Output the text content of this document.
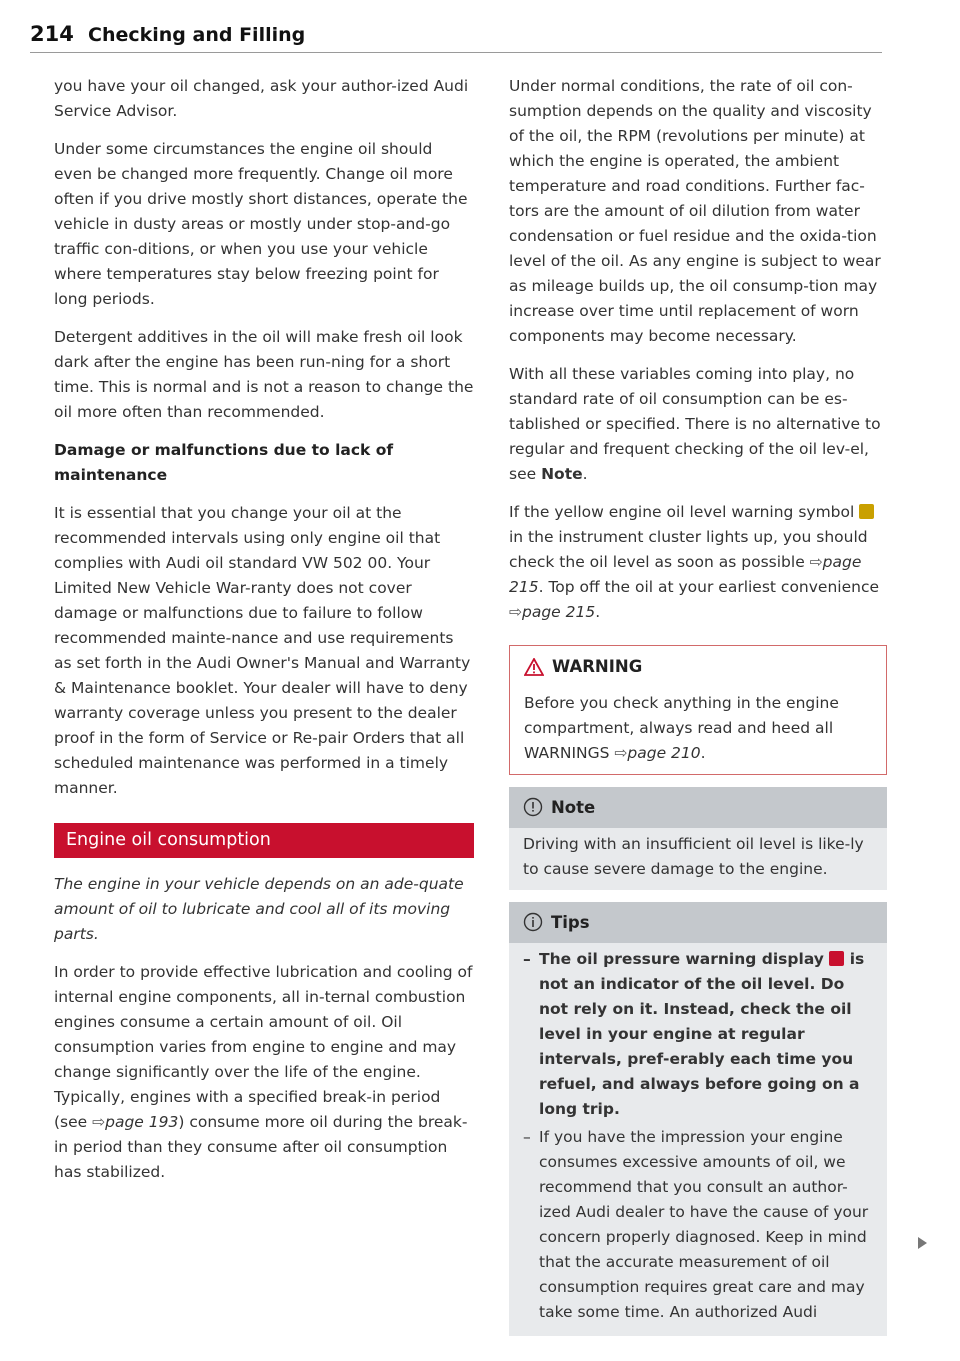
214 Checking and Filling

you have your oil changed, ask your author-ized Audi Service Advisor.

Under some circumstances the engine oil should even be changed more frequently. Change oil more often if you drive mostly short distances, operate the vehicle in dusty areas or mostly under stop-and-go traffic con-ditions, or when you use your vehicle where temperatures stay below freezing point for long periods.

Detergent additives in the oil will make fresh oil look dark after the engine has been run-ning for a short time. This is normal and is not a reason to change the oil more often than recommended.

Damage or malfunctions due to lack of maintenance

It is essential that you change your oil at the recommended intervals using only engine oil that complies with Audi oil standard VW 502 00. Your Limited New Vehicle War-ranty does not cover damage or malfunctions due to failure to follow recommended mainte-nance and use requirements as set forth in the Audi Owner's Manual and Warranty & Maintenance booklet. Your dealer will have to deny warranty coverage unless you present to the dealer proof in the form of Service or Re-pair Orders that all scheduled maintenance was performed in a timely manner.

Engine oil consumption

The engine in your vehicle depends on an ade-quate amount of oil to lubricate and cool all of its moving parts.

In order to provide effective lubrication and cooling of internal engine components, all in-ternal combustion engines consume a certain amount of oil. Oil consumption varies from engine to engine and may change significantly over the life of the engine. Typically, engines with a specified break-in period (see ⇨page 193) consume more oil during the break-in period than they consume after oil consumption has stabilized.

Under normal conditions, the rate of oil con-sumption depends on the quality and viscosity of the oil, the RPM (revolutions per minute) at which the engine is operated, the ambient temperature and road conditions. Further fac-tors are the amount of oil dilution from water condensation or fuel residue and the oxida-tion level of the oil. As any engine is subject to wear as mileage builds up, the oil consump-tion may increase over time until replacement of worn components may become necessary.

With all these variables coming into play, no standard rate of oil consumption can be es-tablished or specified. There is no alternative to regular and frequent checking of the oil lev-el, see Note.

If the yellow engine oil level warning symbol  in the instrument cluster lights up, you should check the oil level as soon as possible ⇨page 215. Top off the oil at your earliest convenience ⇨page 215.

WARNING
Before you check anything in the engine compartment, always read and heed all WARNINGS ⇨page 210.
Note
Driving with an insufficient oil level is like-ly to cause severe damage to the engine.
Tips
– The oil pressure warning display  is not an indicator of the oil level. Do not rely on it. Instead, check the oil level in your engine at regular intervals, pref-erably each time you refuel, and always before going on a long trip.
– If you have the impression your engine consumes excessive amounts of oil, we recommend that you consult an author-ized Audi dealer to have the cause of your concern properly diagnosed. Keep in mind that the accurate measurement of oil consumption requires great care and may take some time. An authorized Audi
